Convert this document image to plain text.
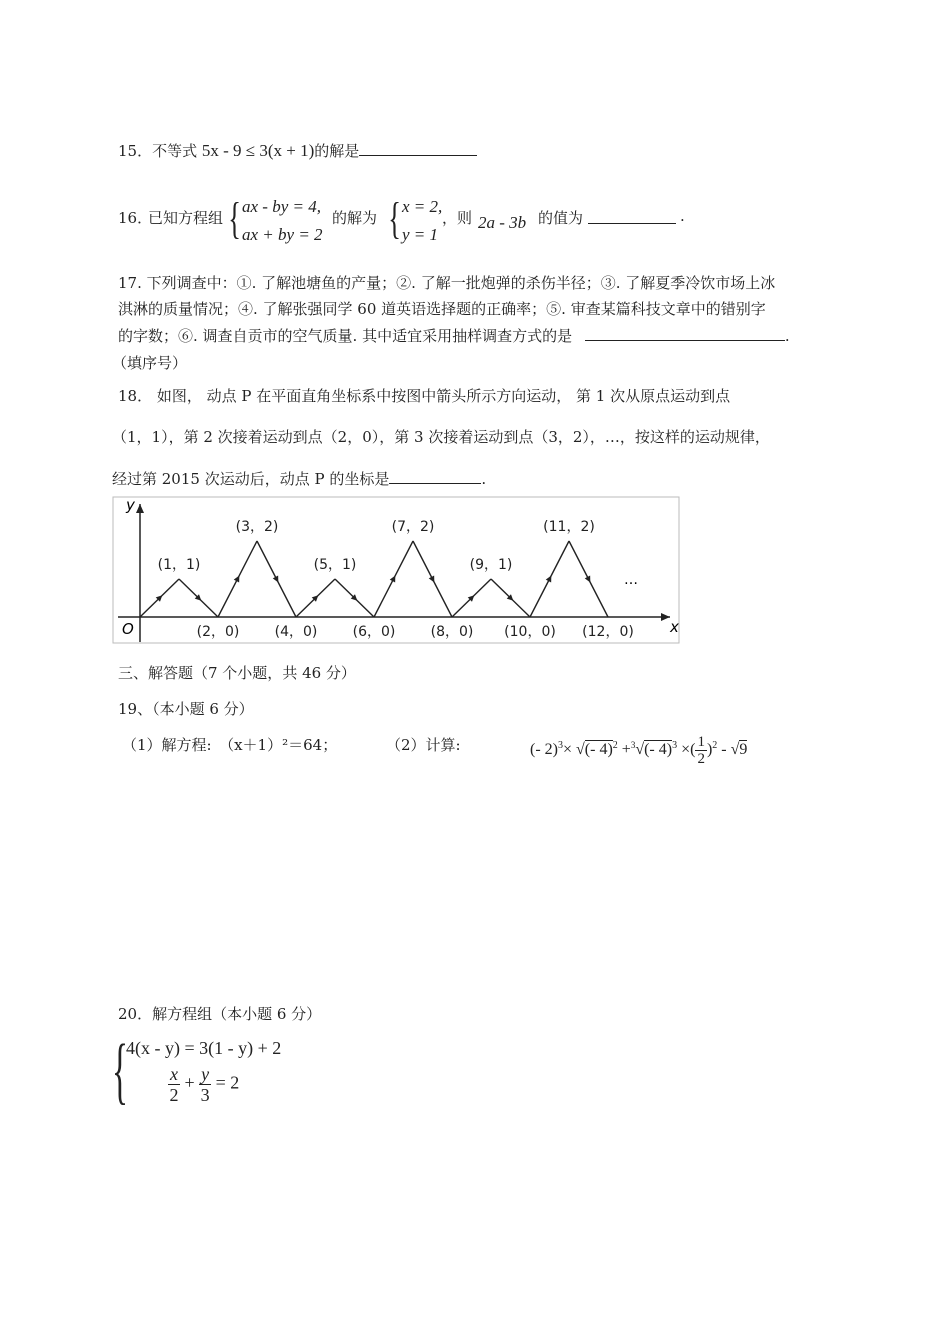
15．不等式 5x - 9 ≤ 3(x + 1)的解是
16．
已知方程组 { ax - by = 4,
ax + by = 2
的解为 { x = 2,
y = 1
，则 2a - 3b 的值为	.
17. 下列调查中：①. 了解池塘鱼的产量；②. 了解一批炮弹的杀伤半径；③. 了解夏季冷饮市场上冰
淇淋的质量情况；④. 了解张强同学 60 道英语选择题的正确率；⑤. 审查某篇科技文章中的错别字
的字数；⑥. 调查自贡市的空气质量. 其中适宜采用抽样调查方式的是	.
（填序号）
18． 如图， 动点 P 在平面直角坐标系中按图中箭头所示方向运动， 第 1 次从原点运动到点
（1，1），第 2 次接着运动到点（2，0），第 3 次接着运动到点（3，2），…，按这样的运动规律，
经过第 2015 次运动后，动点 P 的坐标是	.
x
y
O
(1，1)
(3，2)
(5，1)
(7，2)
(9，1)
(11，2)
(2，0)	(4，0)	(6，0)	(8，0) (10，0) (12，0)
…
三、解答题（7 个小题，共 46 分）
19、（本小题 6 分）
（1）解方程:　（x＋1）²＝64；	（2）计算:	(- 2)$^3$× √(- 4)$^2$ +$^3$√(- 4)$^3$ ×( $\frac{1}{2} )^2 - √9$
20．解方程组（本小题 6 分）
{
4(x - y) = 3(1 - y) + 2
$\frac{x}{2} + \frac{y}{3} = 2$
